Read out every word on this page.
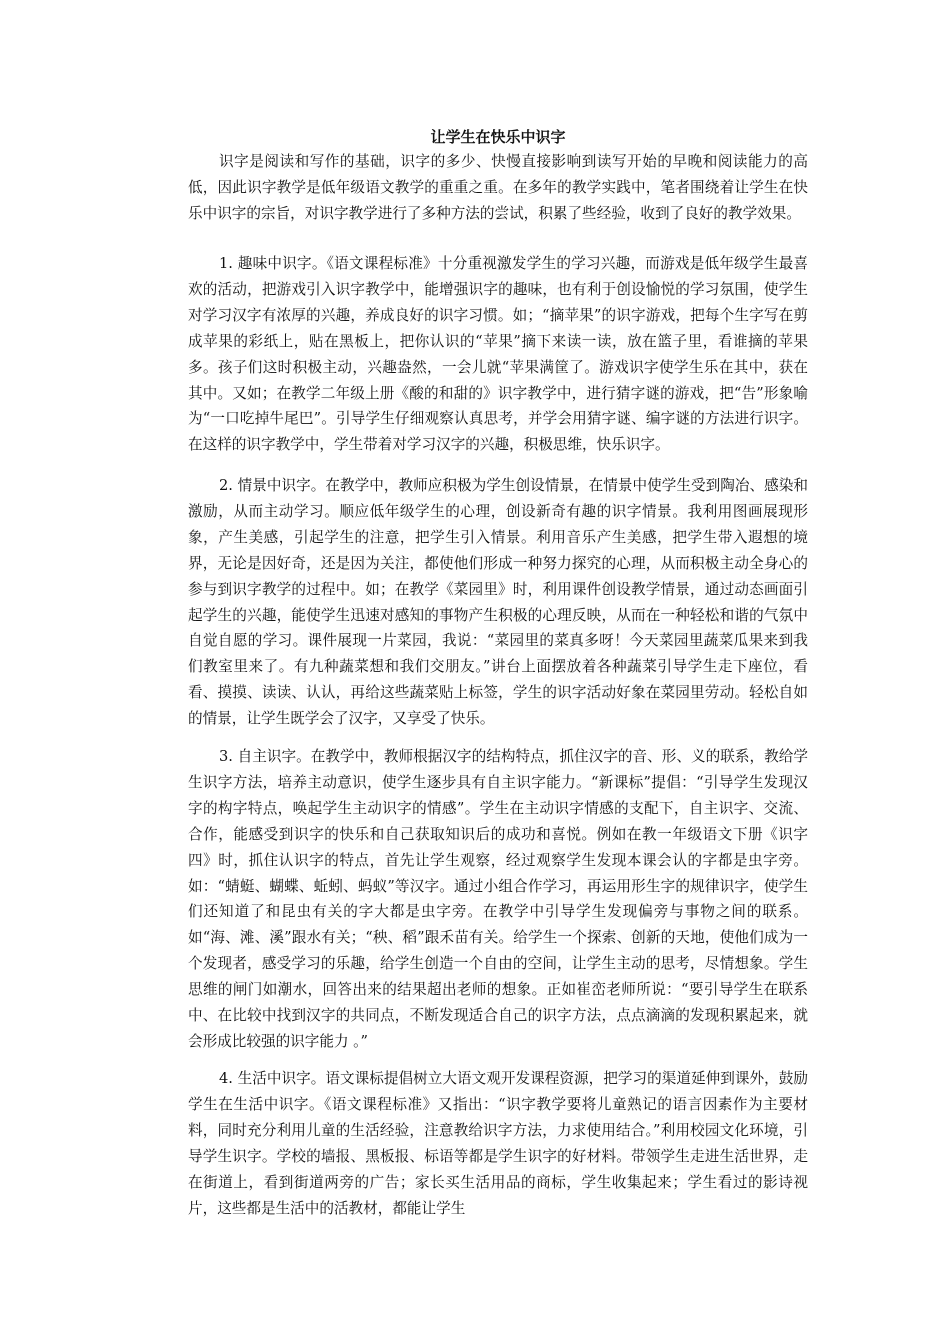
让学生在快乐中识字

识字是阅读和写作的基础，识字的多少、快慢直接影响到读写开始的早晚和阅读能力的高低，因此识字教学是低年级语文教学的重重之重。在多年的教学实践中，笔者围绕着让学生在快乐中识字的宗旨，对识字教学进行了多种方法的尝试，积累了些经验，收到了良好的教学效果。

1. 趣味中识字。《语文课程标准》十分重视激发学生的学习兴趣，而游戏是低年级学生最喜欢的活动，把游戏引入识字教学中，能增强识字的趣味，也有利于创设愉悦的学习氛围，使学生对学习汉字有浓厚的兴趣，养成良好的识字习惯。如；“摘苹果”的识字游戏，把每个生字写在剪成苹果的彩纸上，贴在黑板上，把你认识的“苹果”摘下来读一读，放在篮子里，看谁摘的苹果多。孩子们这时积极主动，兴趣盎然，一会儿就“苹果满筐了。游戏识字使学生乐在其中，获在其中。又如；在教学二年级上册《酸的和甜的》识字教学中，进行猜字谜的游戏，把“告”形象喻为“一口吃掉牛尾巴”。引导学生仔细观察认真思考，并学会用猜字谜、编字谜的方法进行识字。在这样的识字教学中，学生带着对学习汉字的兴趣，积极思维，快乐识字。

2. 情景中识字。在教学中，教师应积极为学生创设情景，在情景中使学生受到陶冶、感染和激励，从而主动学习。顺应低年级学生的心理，创设新奇有趣的识字情景。我利用图画展现形象，产生美感，引起学生的注意，把学生引入情景。利用音乐产生美感，把学生带入遐想的境界，无论是因好奇，还是因为关注，都使他们形成一种努力探究的心理，从而积极主动全身心的参与到识字教学的过程中。如；在教学《菜园里》时，利用课件创设教学情景，通过动态画面引起学生的兴趣，能使学生迅速对感知的事物产生积极的心理反映，从而在一种轻松和谐的气氛中自觉自愿的学习。课件展现一片菜园，我说：“菜园里的菜真多呀！今天菜园里蔬菜瓜果来到我们教室里来了。有九种蔬菜想和我们交朋友。”讲台上面摆放着各种蔬菜引导学生走下座位，看看、摸摸、读读、认认，再给这些蔬菜贴上标签，学生的识字活动好象在菜园里劳动。轻松自如的情景，让学生既学会了汉字，又享受了快乐。

3. 自主识字。在教学中，教师根据汉字的结构特点，抓住汉字的音、形、义的联系，教给学生识字方法，培养主动意识，使学生逐步具有自主识字能力。“新课标”提倡：“引导学生发现汉字的构字特点，唤起学生主动识字的情感”。学生在主动识字情感的支配下，自主识字、交流、合作，能感受到识字的快乐和自己获取知识后的成功和喜悦。例如在教一年级语文下册《识字四》时，抓住认识字的特点，首先让学生观察，经过观察学生发现本课会认的字都是虫字旁。如：“蜻蜓、蝴蝶、蚯蚓、蚂蚁”等汉字。通过小组合作学习，再运用形生字的规律识字，使学生们还知道了和昆虫有关的字大都是虫字旁。在教学中引导学生发现偏旁与事物之间的联系。如“海、滩、溪”跟水有关；“秧、稻”跟禾苗有关。给学生一个探索、创新的天地，使他们成为一个发现者，感受学习的乐趣，给学生创造一个自由的空间，让学生主动的思考，尽情想象。学生思维的闸门如潮水，回答出来的结果超出老师的想象。正如崔峦老师所说：“要引导学生在联系中、在比较中找到汉字的共同点，不断发现适合自己的识字方法，点点滴滴的发现积累起来，就会形成比较强的识字能力 。”

4. 生活中识字。语文课标提倡树立大语文观开发课程资源，把学习的渠道延伸到课外，鼓励学生在生活中识字。《语文课程标准》又指出：“识字教学要将儿童熟记的语言因素作为主要材料，同时充分利用儿童的生活经验，注意教给识字方法，力求使用结合。”利用校园文化环境，引导学生识字。学校的墙报、黑板报、标语等都是学生识字的好材料。带领学生走进生活世界，走在街道上，看到街道两旁的广告；家长买生活用品的商标，学生收集起来；学生看过的影诗视片，这些都是生活中的活教材，都能让学生
